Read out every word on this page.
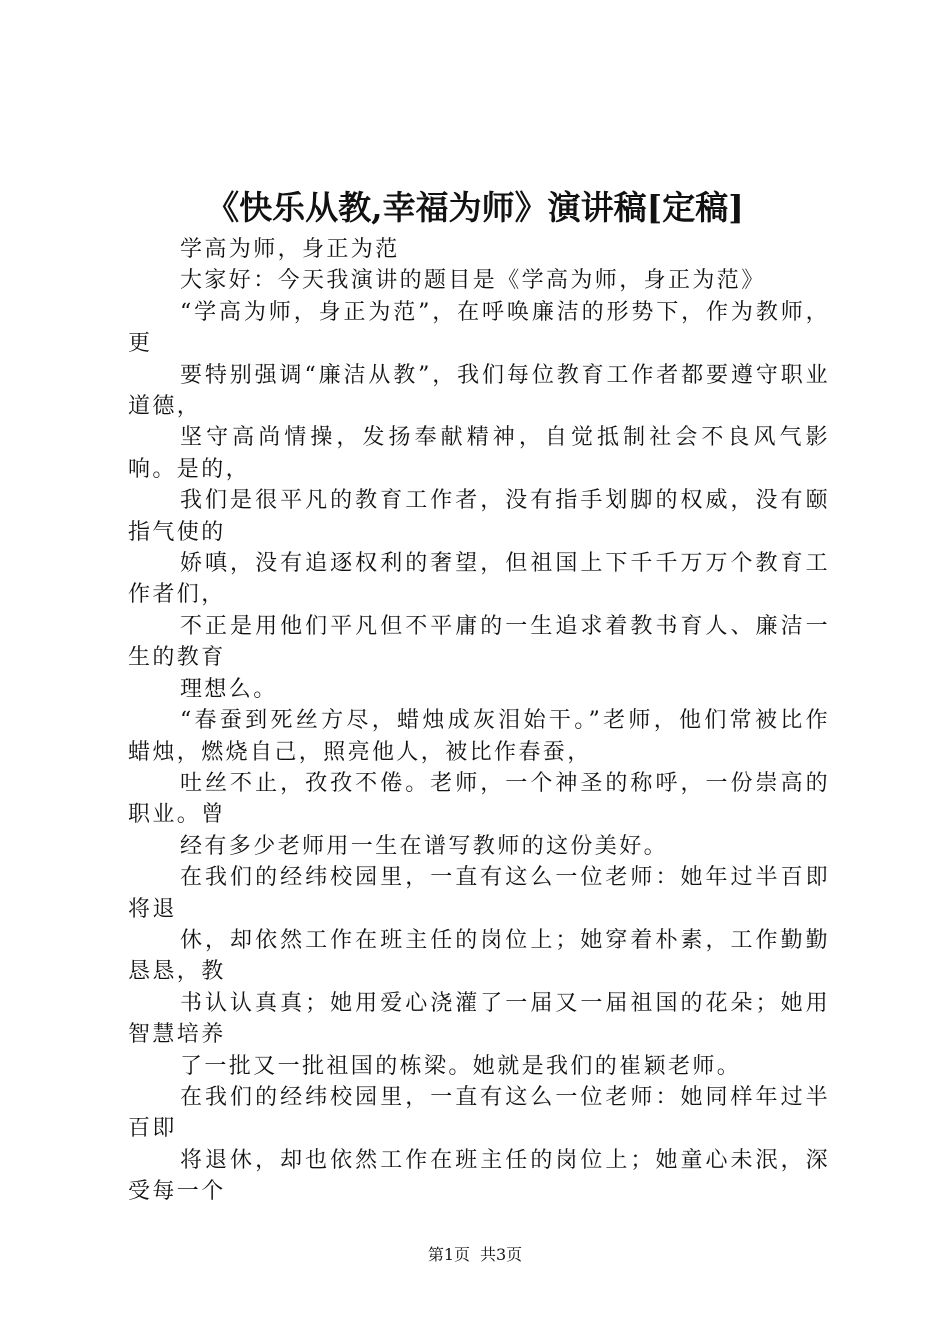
《快乐从教,幸福为师》演讲稿[定稿]

学高为师，身正为范

大家好：今天我演讲的题目是《学高为师，身正为范》

“学高为师，身正为范”，在呼唤廉洁的形势下，作为教师，更

要特别强调“廉洁从教”，我们每位教育工作者都要遵守职业道德，

坚守高尚情操，发扬奉献精神，自觉抵制社会不良风气影响。是的，

我们是很平凡的教育工作者，没有指手划脚的权威，没有颐指气使的

娇嗔，没有追逐权利的奢望，但祖国上下千千万万个教育工作者们，

不正是用他们平凡但不平庸的一生追求着教书育人、廉洁一生的教育

理想么。

“春蚕到死丝方尽，蜡烛成灰泪始干。”老师，他们常被比作蜡烛，燃烧自己，照亮他人，被比作春蚕，

吐丝不止，孜孜不倦。老师，一个神圣的称呼，一份崇高的职业。曾

经有多少老师用一生在谱写教师的这份美好。

在我们的经纬校园里，一直有这么一位老师：她年过半百即将退

休，却依然工作在班主任的岗位上；她穿着朴素，工作勤勤恳恳，教

书认认真真；她用爱心浇灌了一届又一届祖国的花朵；她用智慧培养

了一批又一批祖国的栋梁。她就是我们的崔颖老师。

在我们的经纬校园里，一直有这么一位老师：她同样年过半百即

将退休，却也依然工作在班主任的岗位上；她童心未泯，深受每一个

第1页 共3页
